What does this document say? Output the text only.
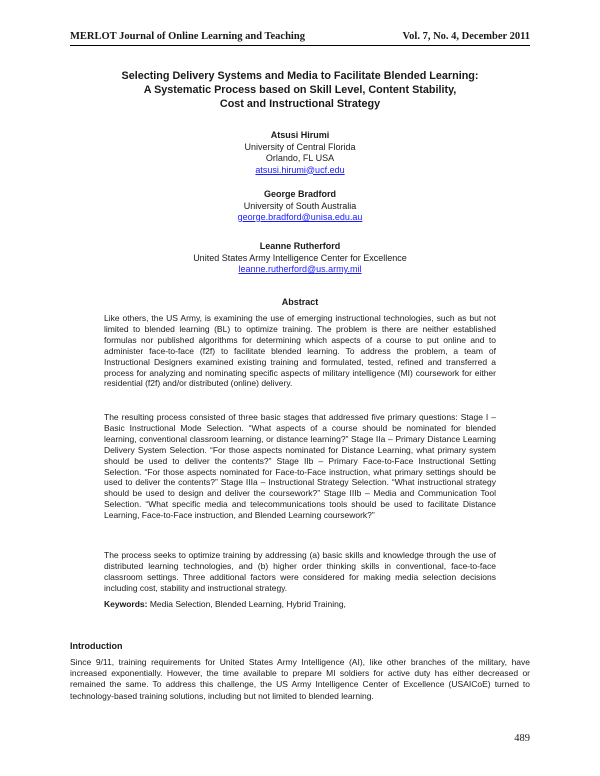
MERLOT Journal of Online Learning and Teaching	Vol. 7, No. 4, December 2011
Selecting Delivery Systems and Media to Facilitate Blended Learning:
A Systematic Process based on Skill Level, Content Stability,
Cost and Instructional Strategy
Atsusi Hirumi
University of Central Florida
Orlando, FL USA
atsusi.hirumi@ucf.edu
George Bradford
University of South Australia
george.bradford@unisa.edu.au
Leanne Rutherford
United States Army Intelligence Center for Excellence
leanne.rutherford@us.army.mil
Abstract

Like others, the US Army, is examining the use of emerging instructional technologies, such as but not limited to blended learning (BL) to optimize training. The problem is there are neither established formulas nor published algorithms for determining which aspects of a course to put online and to administer face-to-face (f2f) to facilitate blended learning. To address the problem, a team of Instructional Designers examined existing training and formulated, tested, refined and transferred a process for analyzing and nominating specific aspects of military intelligence (MI) coursework for either residential (f2f) and/or distributed (online) delivery.

The resulting process consisted of three basic stages that addressed five primary questions: Stage I – Basic Instructional Mode Selection. “What aspects of a course should be nominated for blended learning, conventional classroom learning, or distance learning?” Stage IIa – Primary Distance Learning Delivery System Selection. “For those aspects nominated for Distance Learning, what primary system should be used to deliver the contents?” Stage IIb – Primary Face-to-Face Instructional Setting Selection. “For those aspects nominated for Face-to-Face instruction, what primary settings should be used to deliver the contents?” Stage IIIa – Instructional Strategy Selection. “What instructional strategy should be used to design and deliver the coursework?” Stage IIIb – Media and Communication Tool Selection. “What specific media and telecommunications tools should be used to facilitate Distance Learning, Face-to-Face instruction, and Blended Learning coursework?”

The process seeks to optimize training by addressing (a) basic skills and knowledge through the use of distributed learning technologies, and (b) higher order thinking skills in conventional, face-to-face classroom settings. Three additional factors were considered for making media selection decisions including cost, stability and instructional strategy.

Keywords: Media Selection, Blended Learning, Hybrid Training,
Introduction

Since 9/11, training requirements for United States Army Intelligence (AI), like other branches of the military, have increased exponentially. However, the time available to prepare MI soldiers for active duty has either decreased or remained the same. To address this challenge, the US Army Intelligence Center of Excellence (USAICoE) turned to technology-based training solutions, including but not limited to blended learning.

489
